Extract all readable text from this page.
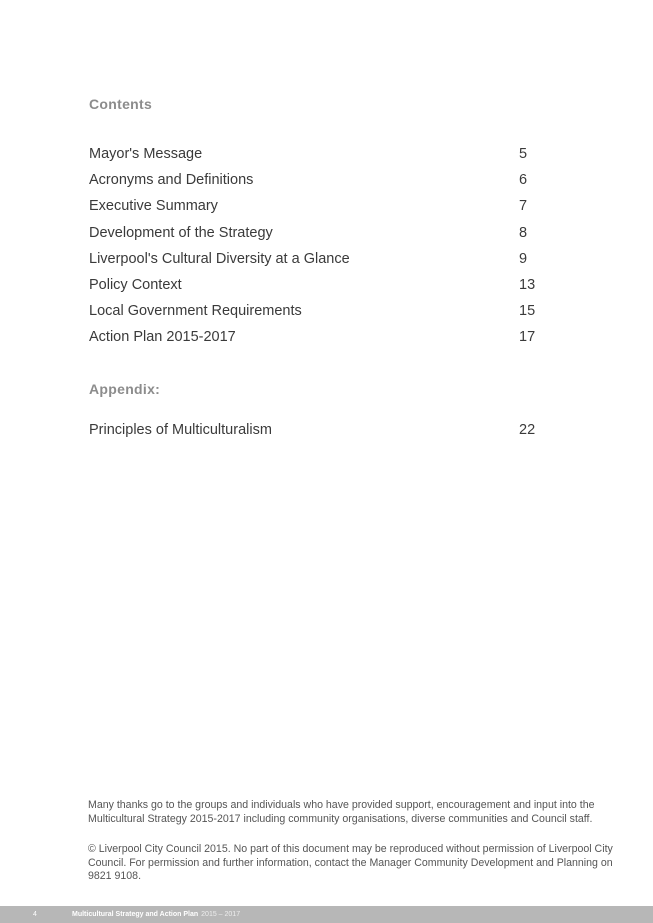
Contents
Mayor's Message	5
Acronyms and Definitions	6
Executive Summary	7
Development of the Strategy	8
Liverpool's Cultural Diversity at a Glance	9
Policy Context	13
Local Government Requirements	15
Action Plan 2015-2017	17
Appendix:
Principles of Multiculturalism	22

Many thanks go to the groups and individuals who have provided support, encouragement and input into the Multicultural Strategy 2015-2017 including community organisations, diverse communities and Council staff.

© Liverpool City Council 2015. No part of this document may be reproduced without permission of Liverpool City Council. For permission and further information, contact the Manager Community Development and Planning on 9821 9108.

4	Multicultural Strategy and Action Plan 2015 – 2017
